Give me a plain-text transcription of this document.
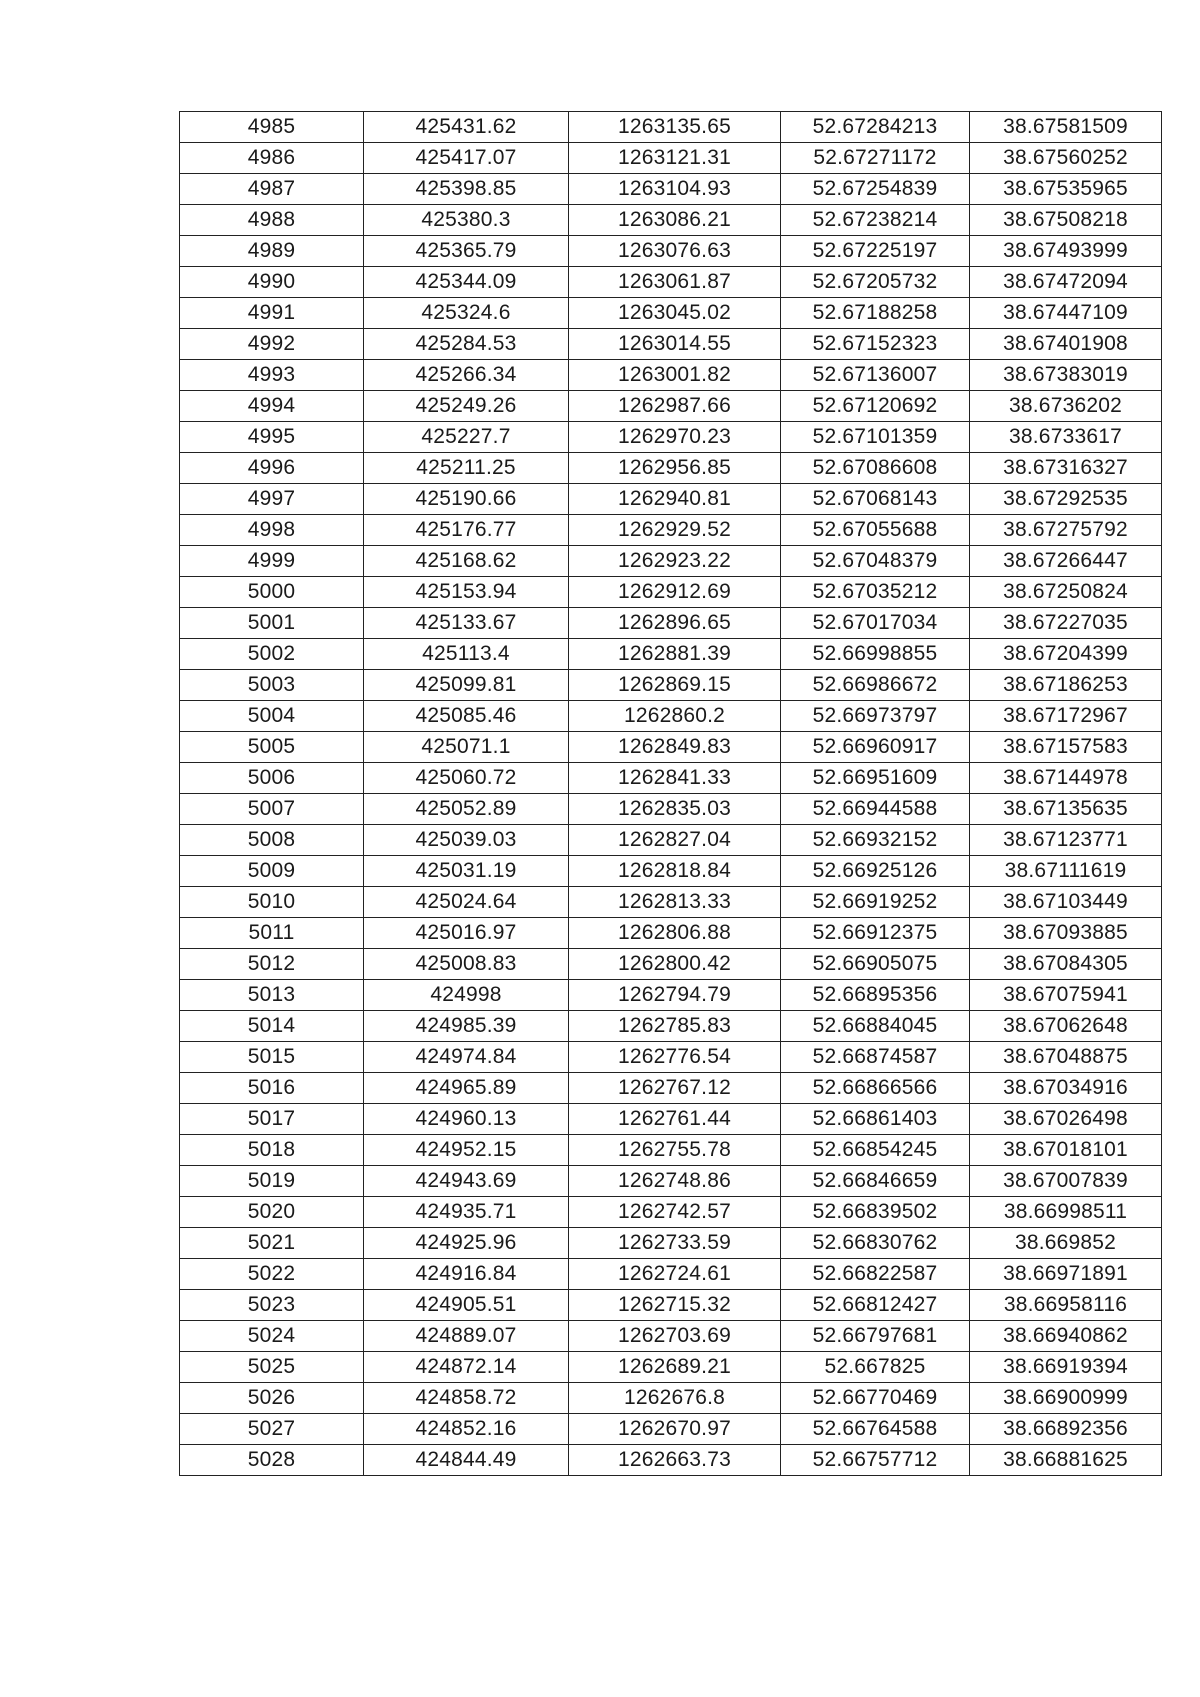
4985	425431.62	1263135.65	52.67284213	38.67581509
4986	425417.07	1263121.31	52.67271172	38.67560252
4987	425398.85	1263104.93	52.67254839	38.67535965
4988	425380.3	1263086.21	52.67238214	38.67508218
4989	425365.79	1263076.63	52.67225197	38.67493999
4990	425344.09	1263061.87	52.67205732	38.67472094
4991	425324.6	1263045.02	52.67188258	38.67447109
4992	425284.53	1263014.55	52.67152323	38.67401908
4993	425266.34	1263001.82	52.67136007	38.67383019
4994	425249.26	1262987.66	52.67120692	38.6736202
4995	425227.7	1262970.23	52.67101359	38.6733617
4996	425211.25	1262956.85	52.67086608	38.67316327
4997	425190.66	1262940.81	52.67068143	38.67292535
4998	425176.77	1262929.52	52.67055688	38.67275792
4999	425168.62	1262923.22	52.67048379	38.67266447
5000	425153.94	1262912.69	52.67035212	38.67250824
5001	425133.67	1262896.65	52.67017034	38.67227035
5002	425113.4	1262881.39	52.66998855	38.67204399
5003	425099.81	1262869.15	52.66986672	38.67186253
5004	425085.46	1262860.2	52.66973797	38.67172967
5005	425071.1	1262849.83	52.66960917	38.67157583
5006	425060.72	1262841.33	52.66951609	38.67144978
5007	425052.89	1262835.03	52.66944588	38.67135635
5008	425039.03	1262827.04	52.66932152	38.67123771
5009	425031.19	1262818.84	52.66925126	38.67111619
5010	425024.64	1262813.33	52.66919252	38.67103449
5011	425016.97	1262806.88	52.66912375	38.67093885
5012	425008.83	1262800.42	52.66905075	38.67084305
5013	424998	1262794.79	52.66895356	38.67075941
5014	424985.39	1262785.83	52.66884045	38.67062648
5015	424974.84	1262776.54	52.66874587	38.67048875
5016	424965.89	1262767.12	52.66866566	38.67034916
5017	424960.13	1262761.44	52.66861403	38.67026498
5018	424952.15	1262755.78	52.66854245	38.67018101
5019	424943.69	1262748.86	52.66846659	38.67007839
5020	424935.71	1262742.57	52.66839502	38.66998511
5021	424925.96	1262733.59	52.66830762	38.669852
5022	424916.84	1262724.61	52.66822587	38.66971891
5023	424905.51	1262715.32	52.66812427	38.66958116
5024	424889.07	1262703.69	52.66797681	38.66940862
5025	424872.14	1262689.21	52.667825	38.66919394
5026	424858.72	1262676.8	52.66770469	38.66900999
5027	424852.16	1262670.97	52.66764588	38.66892356
5028	424844.49	1262663.73	52.66757712	38.66881625
